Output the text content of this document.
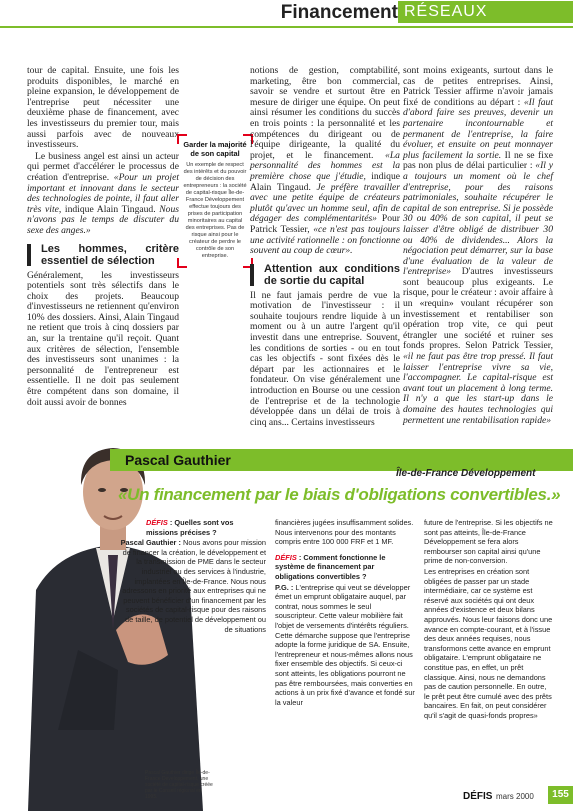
Financement RÉSEAUX

tour de capital. Ensuite, une fois les produits disponibles, le marché en pleine expansion, le développement de l'entreprise peut nécessiter une deuxième phase de financement, avec les investisseurs du premier tour, mais aussi parfois avec de nouveaux investisseurs.

Le business angel est ainsi un acteur qui permet d'accélérer le processus de création d'entreprise. «Pour un projet important et innovant dans le secteur des technologies de pointe, il faut aller très vite, indique Alain Tingaud. Nous n'avons pas le temps de discuter du sexe des anges.»

Les hommes, critère essentiel de sélection

Généralement, les investisseurs potentiels sont très sélectifs dans le choix des projets. Beaucoup d'investisseurs ne retiennent qu'environ 10% des dossiers. Ainsi, Alain Tingaud ne retient que trois à cinq dossiers par an, sur la trentaine qu'il reçoit. Quant aux critères de sélection, l'ensemble des investisseurs sont unanimes : la personnalité de l'entrepreneur est essentielle. Il ne doit pas seulement être compétent dans son domaine, il doit aussi avoir de bonnes

Garder la majorité de son capital
Un exemple de respect des intérêts et du pouvoir de décision des entrepreneurs : la société de capital-risque Île-de-France Développement effectue toujours des prises de participation minoritaires au capital des entreprises. Pas de risque ainsi pour le créateur de perdre le contrôle de son entreprise.

notions de gestion, comptabilité, marketing, être bon commercial, savoir se vendre et surtout être en mesure de diriger une équipe. On peut ainsi résumer les conditions du succès en trois points : la personnalité et les compétences du dirigeant ou de l'équipe dirigeante, la qualité du projet, et le financement. «La personnalité des hommes est la première chose que j'étudie, indique Alain Tingaud. Je préfère travailler avec une petite équipe de créateurs plutôt qu'avec un homme seul, afin de dégager des complémentarités» Pour Patrick Tessier, «ce n'est pas toujours une activité rationnelle : on fonctionne souvent au coup de cœur».

Attention aux conditions de sortie du capital

Il ne faut jamais perdre de vue la motivation de l'investisseur : il souhaite toujours rendre liquide à un moment ou à un autre l'argent qu'il investit dans une entreprise. Souvent, les conditions de sorties - ou en tout cas les objectifs - sont fixées dès le départ par les actionnaires et le fondateur. On vise généralement une introduction en Bourse ou une cession de l'entreprise et de la technologie développée dans un délai de trois à cinq ans... Certains investisseurs

sont moins exigeants, surtout dans le cas de petites entreprises. Ainsi, Patrick Tessier affirme n'avoir jamais fixé de conditions au départ : «Il faut d'abord faire ses preuves, devenir un partenaire incontournable et permanent de l'entreprise, la faire évoluer, et ensuite on peut monnayer plus facilement la sortie. Il ne se fixe pas non plus de délai particulier : «Il y a toujours un moment où le chef d'entreprise, pour des raisons patrimoniales, souhaite récupérer le capital de son entreprise. Si je possède 30 ou 40% de son capital, il peut se laisser d'être obligé de distribuer 30 ou 40% de dividendes... Alors la négociation peut démarrer, sur la base d'une évaluation de la valeur de l'entreprise» D'autres investisseurs sont beaucoup plus exigeants. Le risque, pour le créateur : avoir affaire à un «requin» voulant récupérer son investissement et rentabiliser son opération trop vite, ce qui peut étrangler une société et ruiner ses fonds propres. Selon Patrick Tessier, «il ne faut pas être trop pressé. Il faut laisser l'entreprise vivre sa vie, l'accompagner. Le capital-risque est avant tout un placement à long terme. Il n'y a que les start-up dans le domaine des hautes technologies qui permettent une rentabilisation rapide»

Pascal Gauthier
Île-de-France Développement
«Un financement par le biais d'obligations convertibles.»

DÉFIS : Quelles sont vos missions précises ?

Pascal Gauthier : Nous avons pour mission de financer la création, le développement et la transmission de PME dans le secteur industriel ou des services à l'industrie, implantées en Île-de-France. Nous nous adressons en priorité aux entreprises qui ne peuvent bénéficier d'un financement par les sociétés de capital-risque pour des raisons de taille, de potentiel de développement ou de situations

financières jugées insuffisamment solides. Nous intervenons pour des montants compris entre 100 000 FRF et 1 MF.

DÉFIS : Comment fonctionne le système de financement par obligations convertibles ?

P.G. : L'entreprise qui veut se développer émet un emprunt obligataire auquel, par contrat, nous sommes le seul souscripteur. Cette valeur mobilière fait l'objet de versements d'intérêts réguliers. Cette démarche suppose que l'entreprise adopte la forme juridique de SA. Ensuite, l'entrepreneur et nous-mêmes allons nous fixer ensemble des objectifs. Si ceux-ci sont atteints, les obligations pourront ne pas être remboursées, mais converties en actions à un prix fixé d'avance et fondé sur la valeur

future de l'entreprise. Si les objectifs ne sont pas atteints, Île-de-France Développement se fera alors rembourser son capital ainsi qu'une prime de non-conversion.

Les entreprises en création sont obligées de passer par un stade intermédiaire, car ce système est réservé aux sociétés qui ont deux années d'existence et deux bilans approuvés. Nous leur faisons donc une avance en compte-courant, et à l'issue des deux années requises, nous transformons cette avance en emprunt obligataire. L'emprunt obligataire ne constitue pas, en effet, un prêt classique. Ainsi, nous ne demandons pas de caution personnelle. En outre, le prêt peut être cumulé avec des prêts bancaires. En fait, on peut considérer qu'il s'agit de quasi-fonds propres»

Pascal Gauthier dirige Île-de-France Développement, une société de capital-risque créée par le Conseil régional en 1995.	DÉFIS mars 2000	155
